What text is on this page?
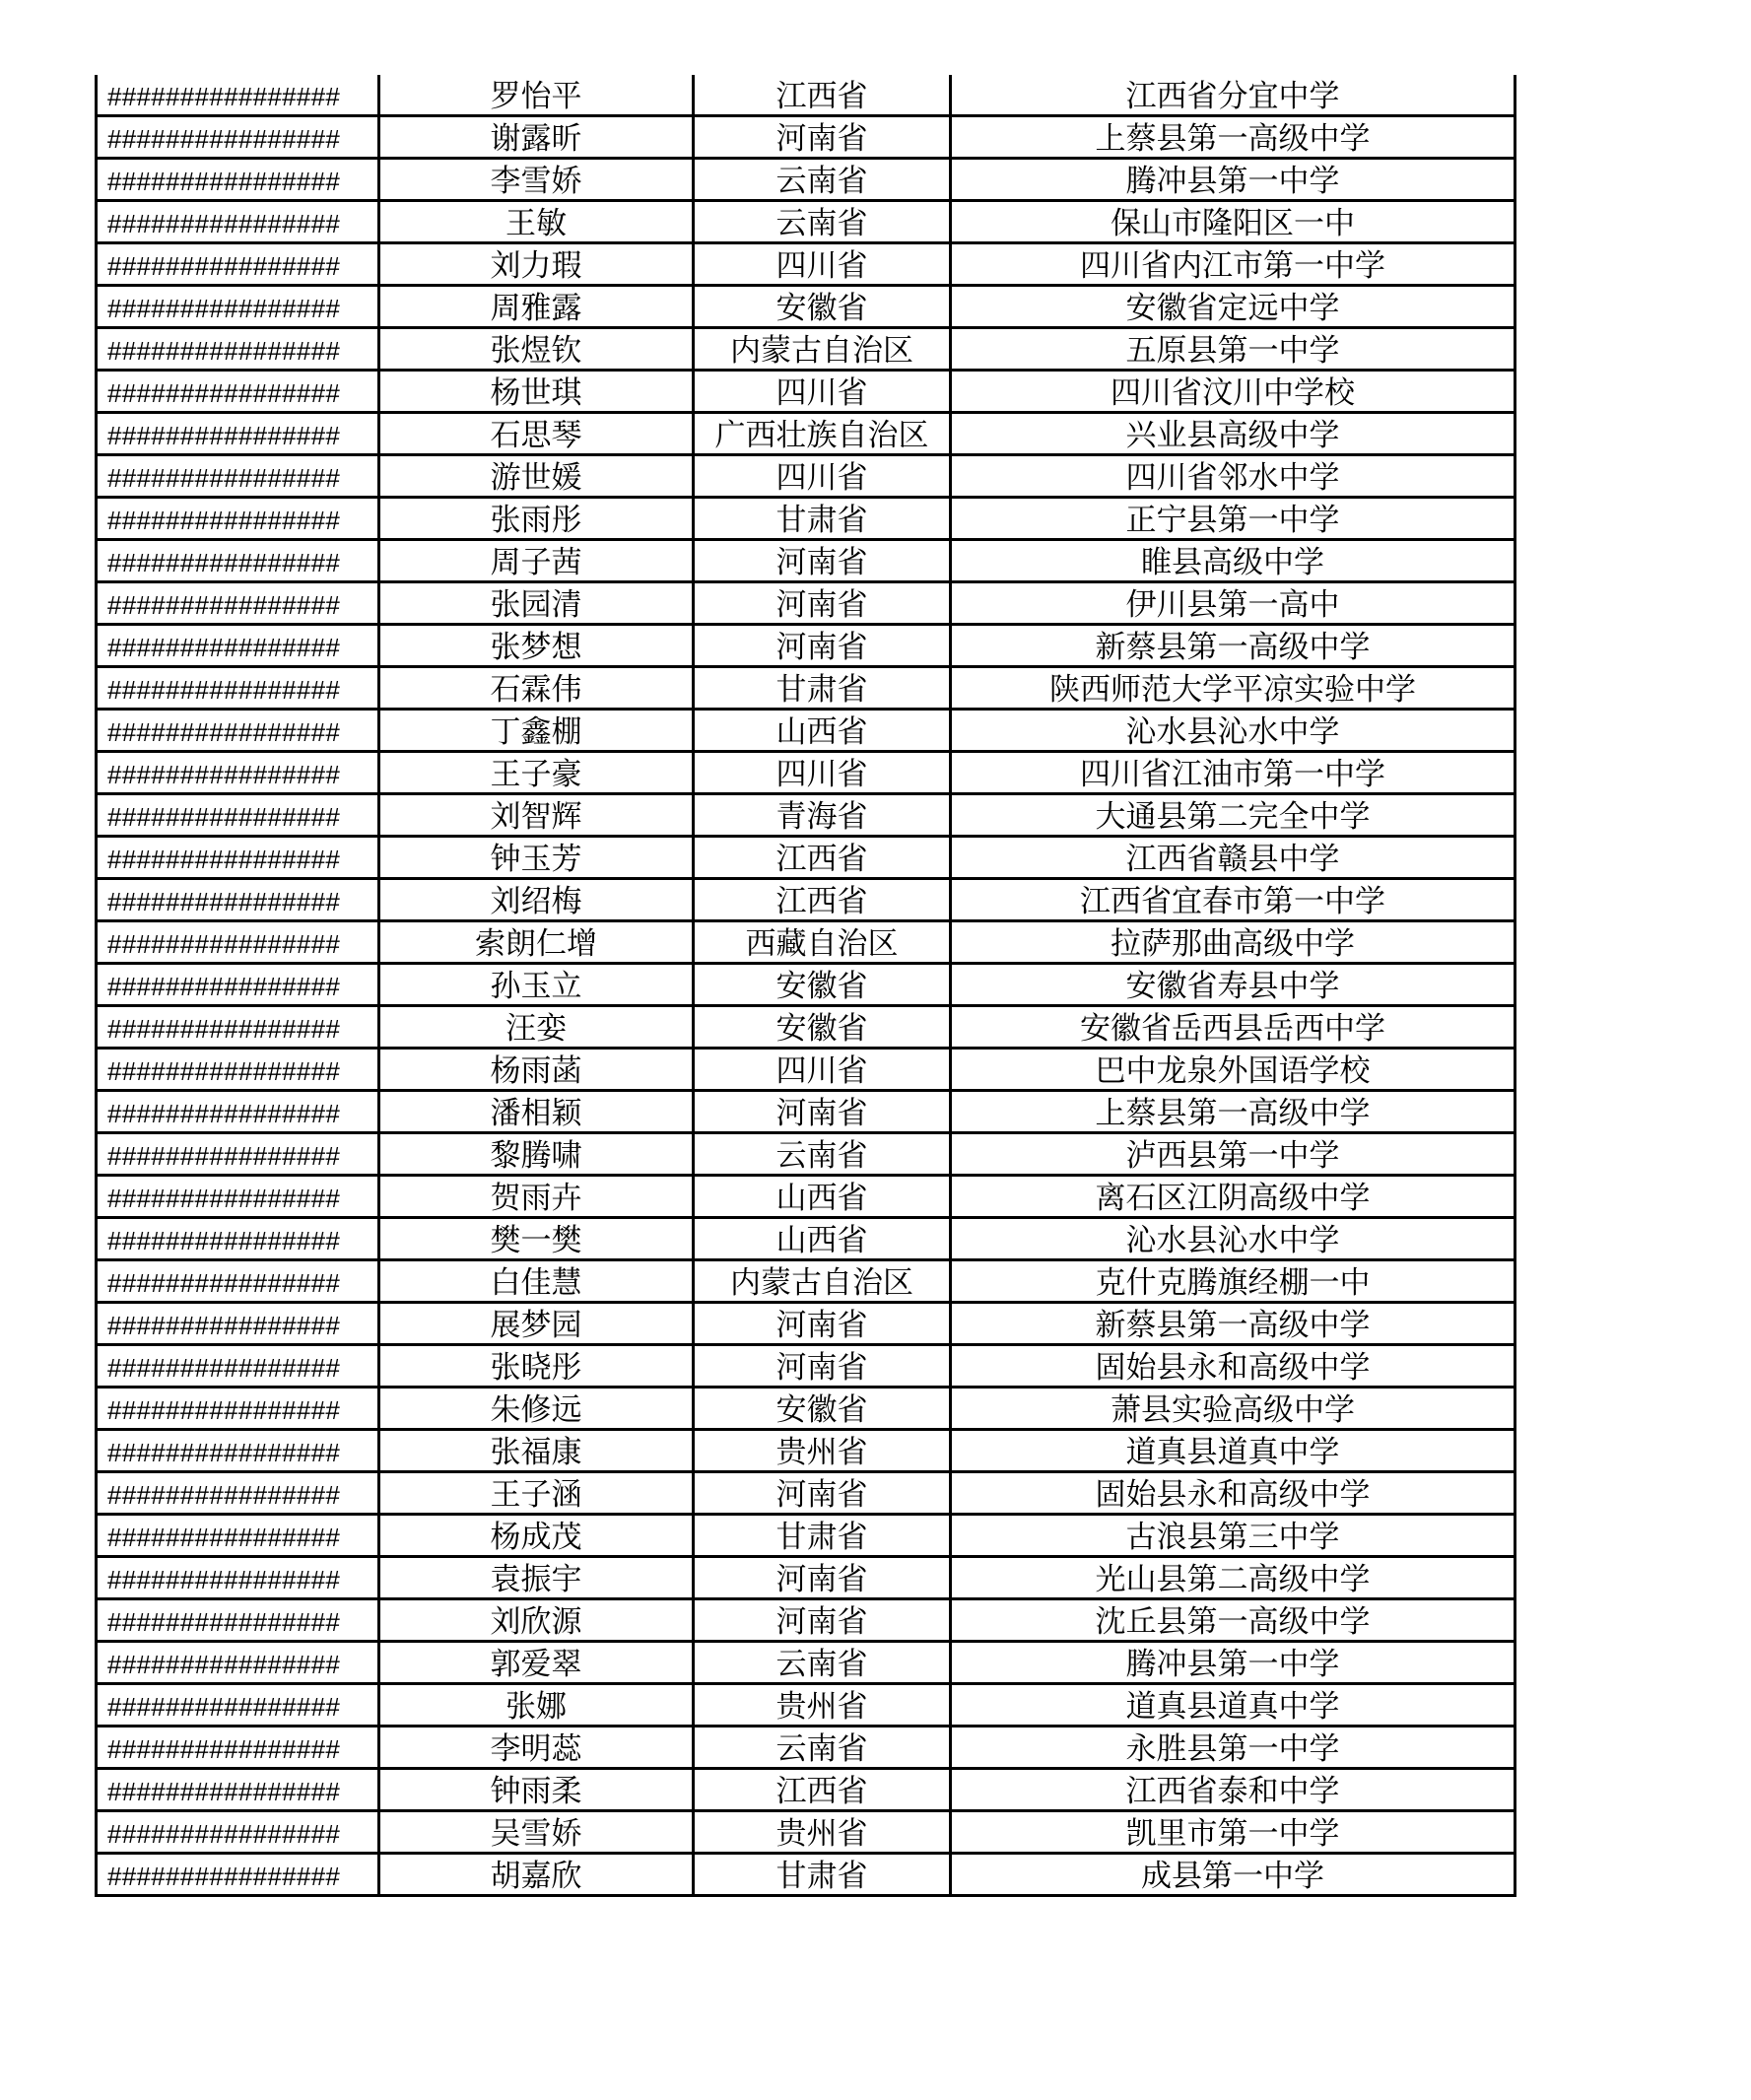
################	罗怡平	江西省	江西省分宜中学
################	谢露昕	河南省	上蔡县第一高级中学
################	李雪娇	云南省	腾冲县第一中学
################	王敏	云南省	保山市隆阳区一中
################	刘力瑕	四川省	四川省内江市第一中学
################	周雅露	安徽省	安徽省定远中学
################	张煜钦	内蒙古自治区	五原县第一中学
################	杨世琪	四川省	四川省汶川中学校
################	石思琴	广西壮族自治区	兴业县高级中学
################	游世媛	四川省	四川省邻水中学
################	张雨彤	甘肃省	正宁县第一中学
################	周子茜	河南省	睢县高级中学
################	张园清	河南省	伊川县第一高中
################	张梦想	河南省	新蔡县第一高级中学
################	石霖伟	甘肃省	陕西师范大学平凉实验中学
################	丁鑫棚	山西省	沁水县沁水中学
################	王子豪	四川省	四川省江油市第一中学
################	刘智辉	青海省	大通县第二完全中学
################	钟玉芳	江西省	江西省赣县中学
################	刘绍梅	江西省	江西省宜春市第一中学
################	索朗仁增	西藏自治区	拉萨那曲高级中学
################	孙玉立	安徽省	安徽省寿县中学
################	汪娈	安徽省	安徽省岳西县岳西中学
################	杨雨菡	四川省	巴中龙泉外国语学校
################	潘相颖	河南省	上蔡县第一高级中学
################	黎腾啸	云南省	泸西县第一中学
################	贺雨卉	山西省	离石区江阴高级中学
################	樊一樊	山西省	沁水县沁水中学
################	白佳慧	内蒙古自治区	克什克腾旗经棚一中
################	展梦园	河南省	新蔡县第一高级中学
################	张晓彤	河南省	固始县永和高级中学
################	朱修远	安徽省	萧县实验高级中学
################	张福康	贵州省	道真县道真中学
################	王子涵	河南省	固始县永和高级中学
################	杨成茂	甘肃省	古浪县第三中学
################	袁振宇	河南省	光山县第二高级中学
################	刘欣源	河南省	沈丘县第一高级中学
################	郭爱翠	云南省	腾冲县第一中学
################	张娜	贵州省	道真县道真中学
################	李明蕊	云南省	永胜县第一中学
################	钟雨柔	江西省	江西省泰和中学
################	吴雪娇	贵州省	凯里市第一中学
################	胡嘉欣	甘肃省	成县第一中学
